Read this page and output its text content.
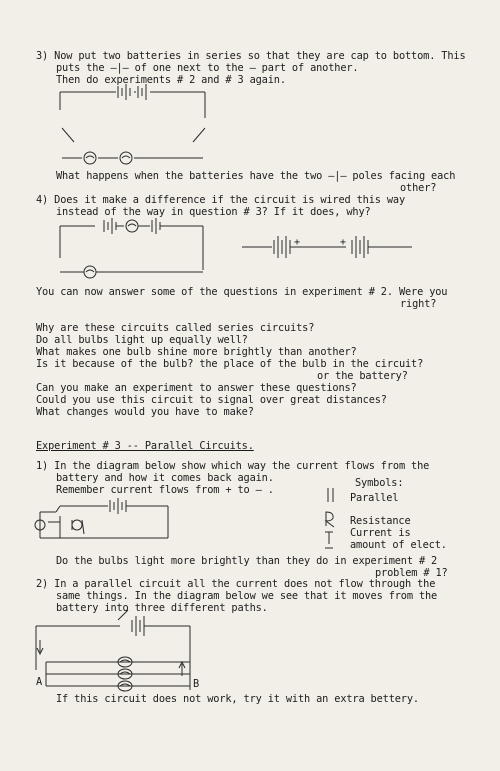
3) Now put two batteries in series so that they are cap to bottom. This
puts the –|– of one next to the — part of another.
Then do experiments # 2 and # 3 again.
What happens when the batteries have the two –|– poles facing each
other?
4) Does it make a difference if the circuit is wired this way
instead of the way in question # 3? If it does, why?
+	+
You can now answer some of the questions in experiment # 2. Were you
right?
Why are these circuits called series circuits?
Do all bulbs light up equally well?
What makes one bulb shine more brightly than another?
Is it because of the bulb? the place of the bulb in the circuit?
or the battery?
Can you make an experiment to answer these questions?
Could you use this circuit to signal over great distances?
What changes would you have to make?
Experiment # 3 -- Parallel Circuits.
1) In the diagram below show which way the current flows from the
battery and how it comes back again.
Remember current flows from + to — .
Symbols:
Parallel
Resistance
Current is
amount of elect.
Do the bulbs light more brightly than they do in experiment # 2
problem # 1?
2) In a parallel circuit all the current does not flow through the
same things. In the diagram below we see that it moves from the
battery into three different paths.
A	B
If this circuit does not work, try it with an extra bettery.
